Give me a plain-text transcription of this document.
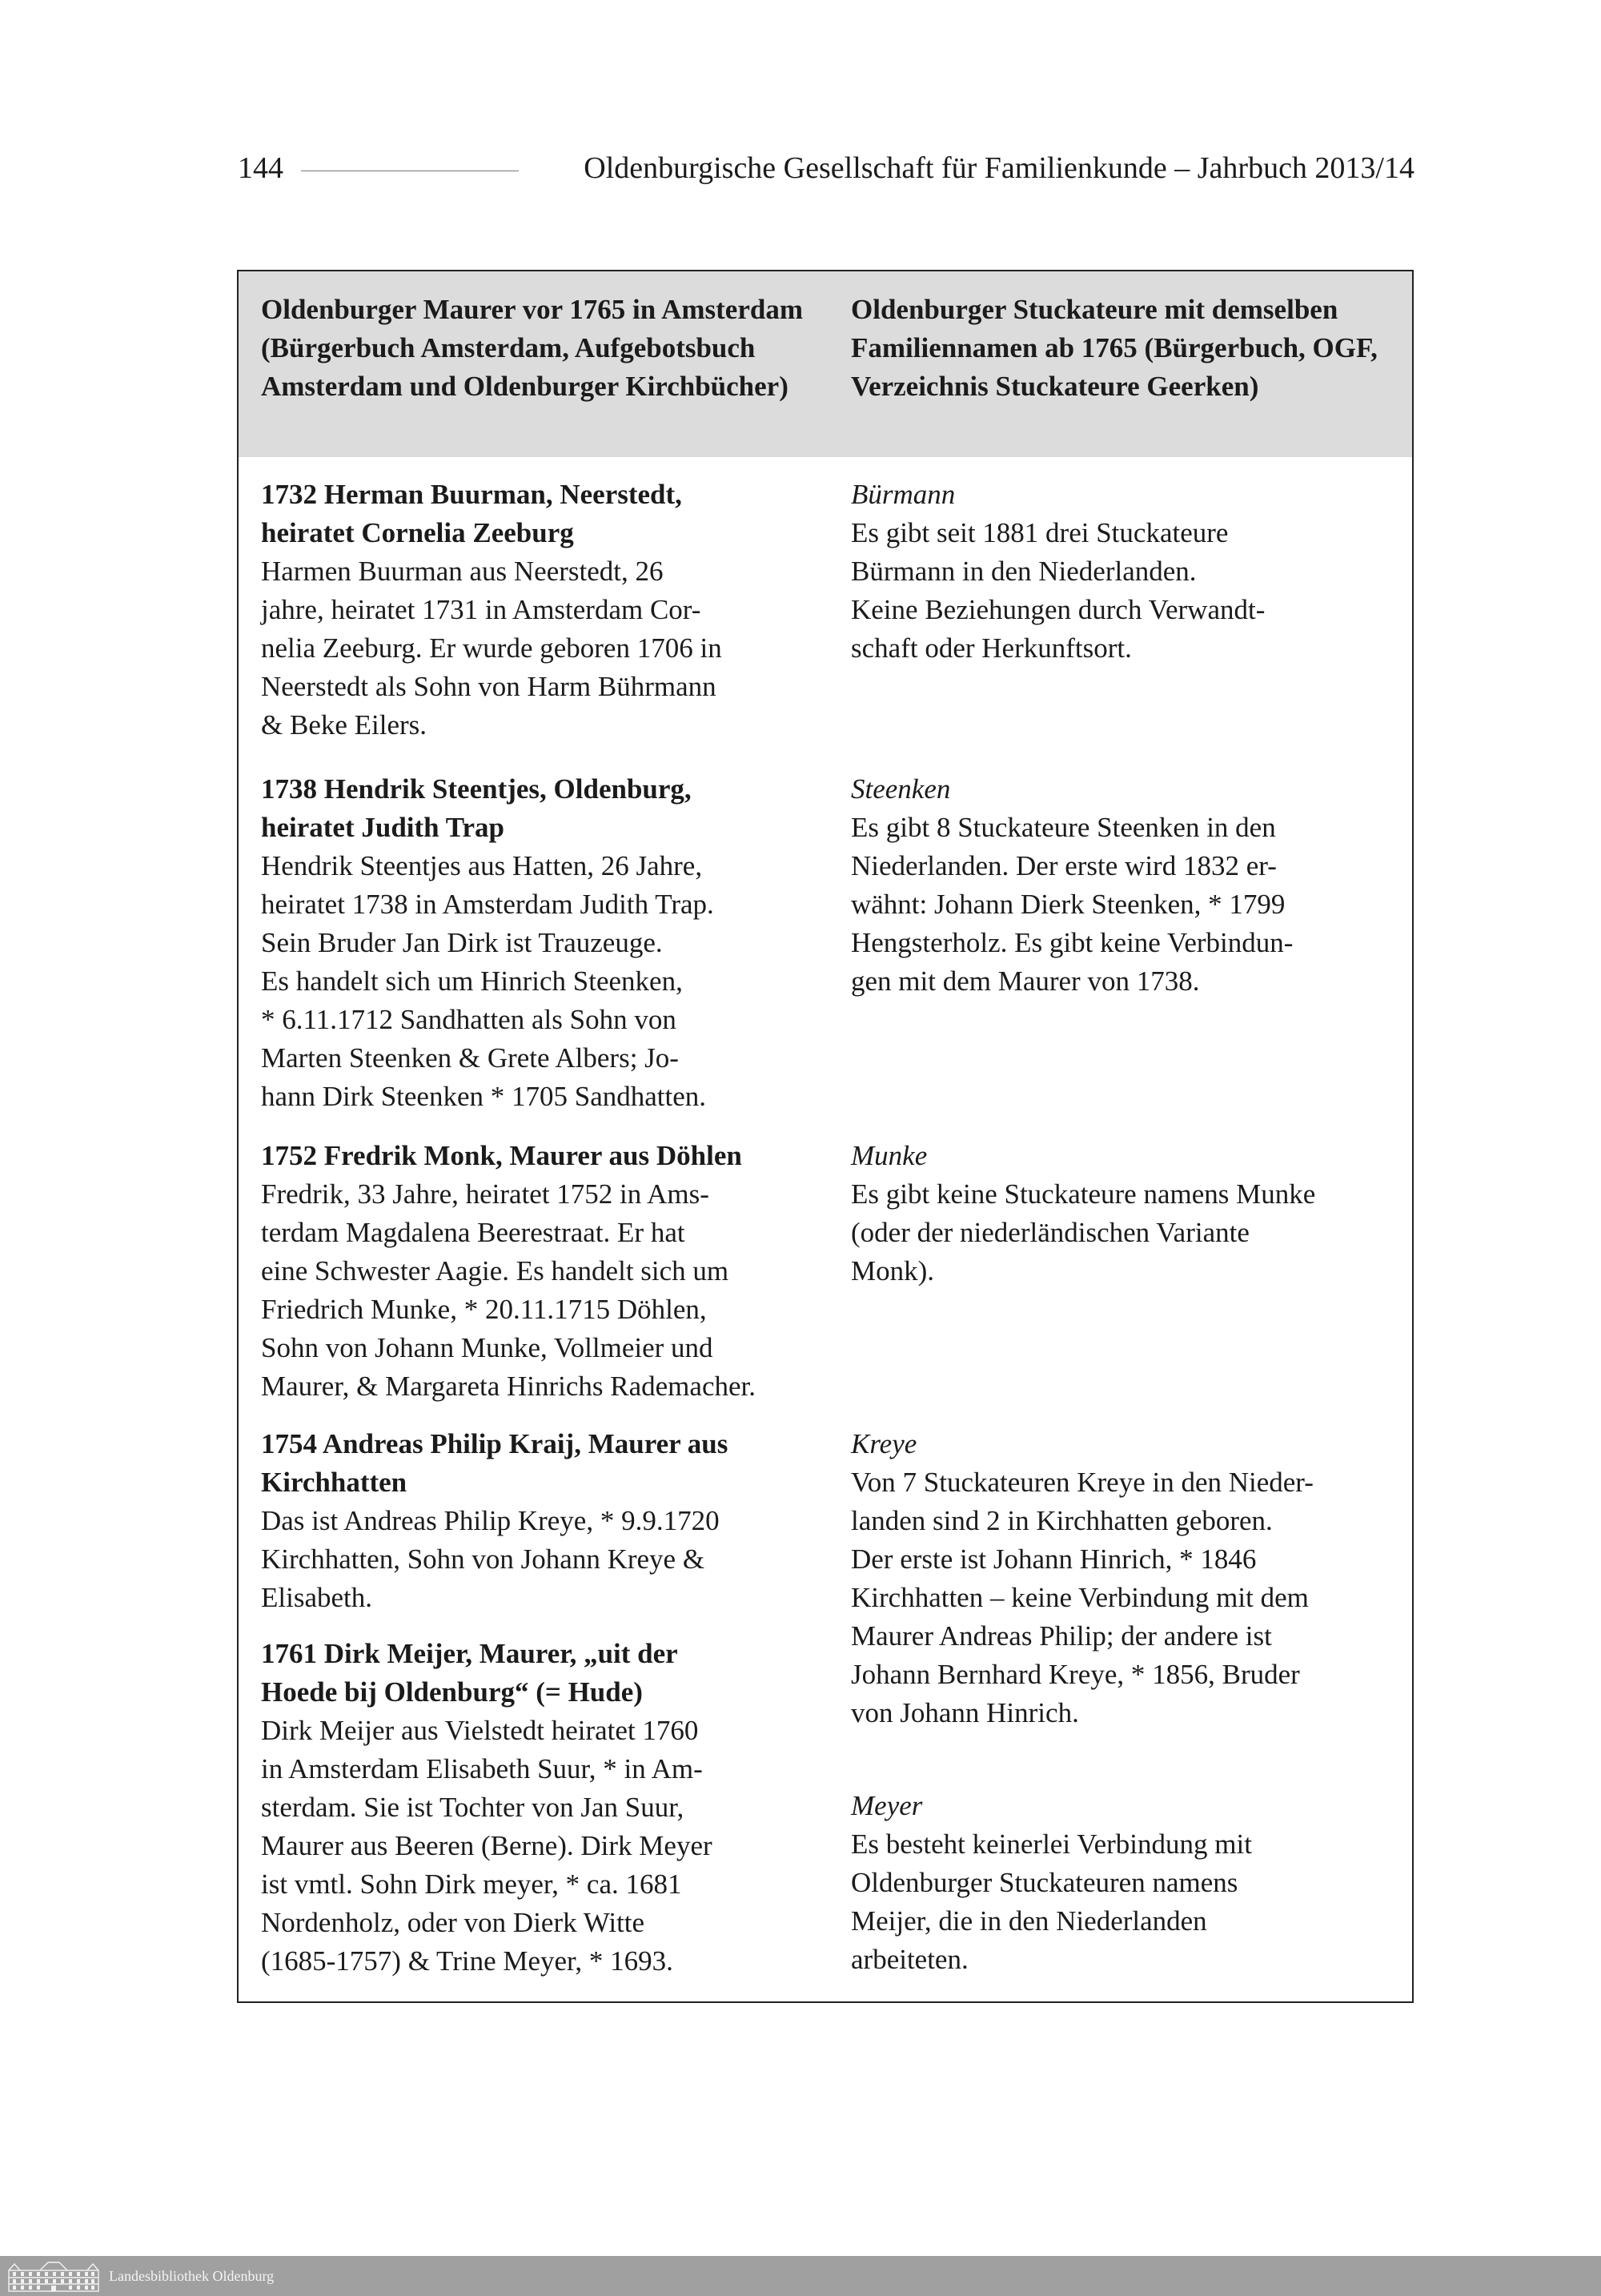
144	Oldenburgische Gesellschaft für Familienkunde – Jahrbuch 2013/14
Oldenburger Maurer vor 1765 in Amsterdam (Bürgerbuch Amsterdam, Aufgebotsbuch Amsterdam und Oldenburger Kirchbücher)
Oldenburger Stuckateure mit demselben Familiennamen ab 1765 (Bürgerbuch, OGF, Verzeichnis Stuckateure Geerken)
1732 Herman Buurman, Neerstedt,
heiratet Cornelia Zeeburg
Harmen Buurman aus Neerstedt, 26
jahre, heiratet 1731 in Amsterdam Cor-
nelia Zeeburg. Er wurde geboren 1706 in
Neerstedt als Sohn von Harm Bührmann
& Beke Eilers.
Bürmann
Es gibt seit 1881 drei Stuckateure
Bürmann in den Niederlanden.
Keine Beziehungen durch Verwandt-
schaft oder Herkunftsort.
1738 Hendrik Steentjes, Oldenburg,
heiratet Judith Trap
Hendrik Steentjes aus Hatten, 26 Jahre,
heiratet 1738 in Amsterdam Judith Trap.
Sein Bruder Jan Dirk ist Trauzeuge.
Es handelt sich um Hinrich Steenken,
* 6.11.1712 Sandhatten als Sohn von
Marten Steenken & Grete Albers; Jo-
hann Dirk Steenken * 1705 Sandhatten.
Steenken
Es gibt 8 Stuckateure Steenken in den
Niederlanden. Der erste wird 1832 er-
wähnt: Johann Dierk Steenken, * 1799
Hengsterholz. Es gibt keine Verbindun-
gen mit dem Maurer von 1738.
1752 Fredrik Monk, Maurer aus Döhlen
Fredrik, 33 Jahre, heiratet 1752 in Ams-
terdam Magdalena Beerestraat. Er hat
eine Schwester Aagie. Es handelt sich um
Friedrich Munke, * 20.11.1715 Döhlen,
Sohn von Johann Munke, Vollmeier und
Maurer, & Margareta Hinrichs Rademacher.
Munke
Es gibt keine Stuckateure namens Munke
(oder der niederländischen Variante
Monk).
1754 Andreas Philip Kraij, Maurer aus
Kirchhatten
Das ist Andreas Philip Kreye, * 9.9.1720
Kirchhatten, Sohn von Johann Kreye &
Elisabeth.
Kreye
Von 7 Stuckateuren Kreye in den Nieder-
landen sind 2 in Kirchhatten geboren.
Der erste ist Johann Hinrich, * 1846
Kirchhatten – keine Verbindung mit dem
Maurer Andreas Philip; der andere ist
Johann Bernhard Kreye, * 1856, Bruder
von Johann Hinrich.
1761 Dirk Meijer, Maurer, „uit der
Hoede bij Oldenburg“ (= Hude)
Dirk Meijer aus Vielstedt heiratet 1760
in Amsterdam Elisabeth Suur, * in Am-
sterdam. Sie ist Tochter von Jan Suur,
Maurer aus Beeren (Berne). Dirk Meyer
ist vmtl. Sohn Dirk meyer, * ca. 1681
Nordenholz, oder von Dierk Witte
(1685-1757) & Trine Meyer, * 1693.
Meyer
Es besteht keinerlei Verbindung mit
Oldenburger Stuckateuren namens
Meijer, die in den Niederlanden
arbeiteten.
Landesbibliothek Oldenburg
